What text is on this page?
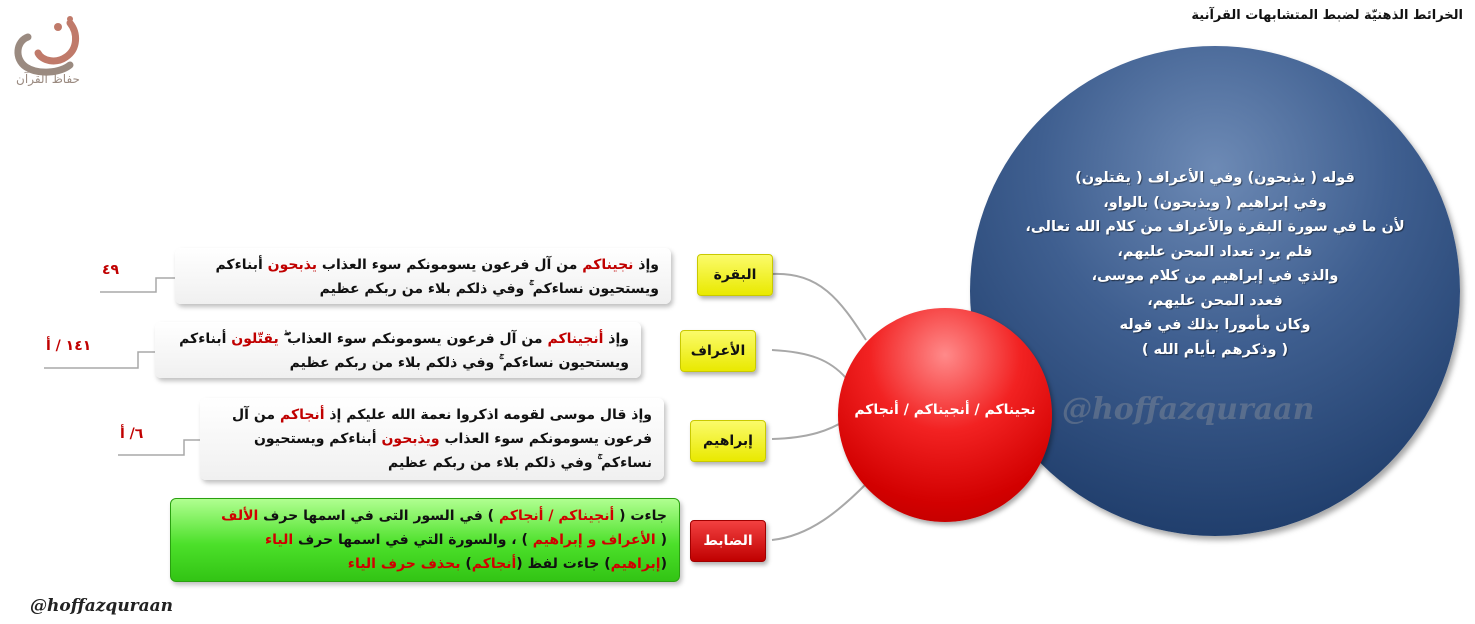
الخرائط الذهنيّة لضبط المتشابهات القرآنية
حفاظ القرآن
قوله ( يذبحون) وفي الأعراف ( يقتلون)
وفي إبراهيم ( ويذبحون) بالواو،
لأن ما في سورة البقرة والأعراف من كلام الله تعالى،
فلم يرد تعداد المحن عليهم،
والذي في إبراهيم من كلام موسى،
فعدد المحن عليهم،
وكان مأمورا بذلك في قوله
( وذكرهم بأيام الله )
@hoffazquraan
نجيناكم / أنجيناكم / أنجاكم
البقرة
وإذ نجيناكم من آل فرعون يسومونكم سوء العذاب يذبحون أبناءكم
ويستحيون نساءكم ۚ وفي ذلكم بلاء من ربكم عظيم
٤٩
الأعراف
وإذ أنجيناكم من آل فرعون يسومونكم سوء العذاب ۖ يقتّلون أبناءكم
ويستحيون نساءكم ۚ وفي ذلكم بلاء من ربكم عظيم
١٤١ / أ
إبراهيم
وإذ قال موسى لقومه اذكروا نعمة الله عليكم إذ أنجاكم من آل
فرعون يسومونكم سوء العذاب ويذبحون أبناءكم ويستحيون
نساءكم ۚ وفي ذلكم بلاء من ربكم عظيم
٦/ أ
الضابط
جاءت ( أنجيناكم / أنجاكم ) في السور التى في اسمها حرف الألف
( الأعراف و إبراهيم ) ، والسورة التي في اسمها حرف الياء
(إبراهيم) جاءت لفظ (أنجاكم) بحذف حرف الياء
@hoffazquraan
